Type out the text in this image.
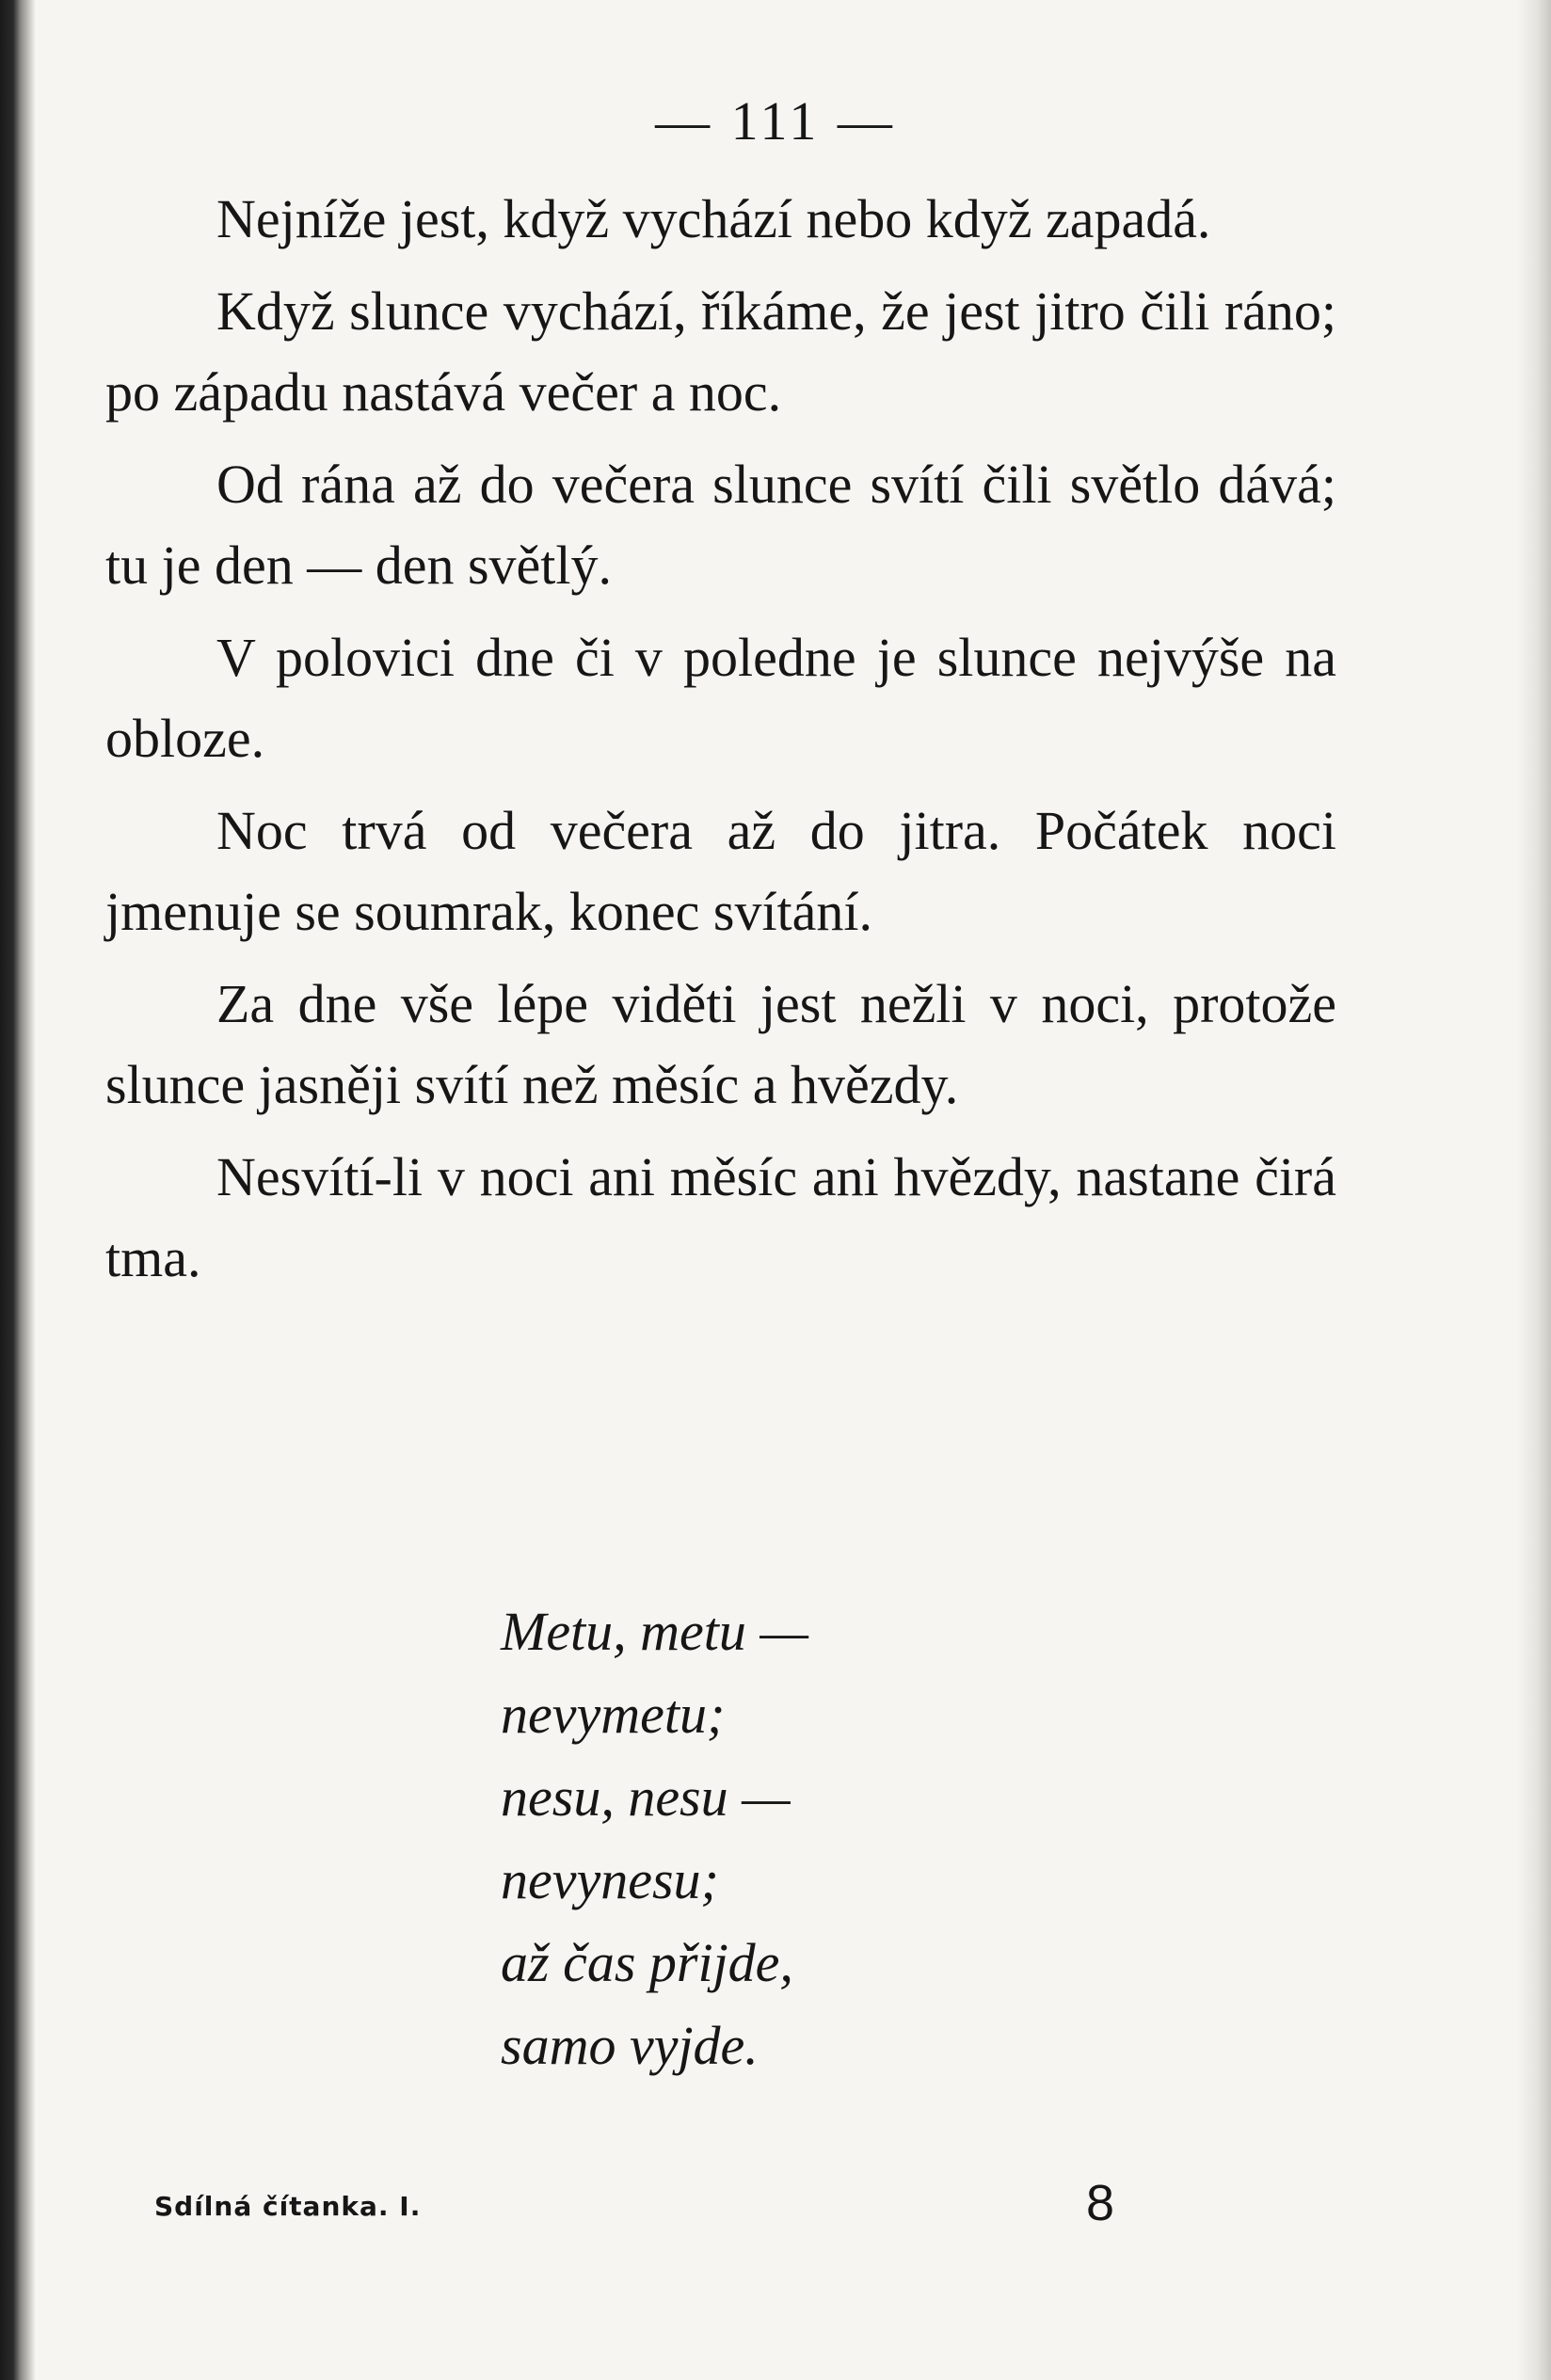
— 111 —

Nejníže jest, když vychází nebo když zapadá.

Když slunce vychází, říkáme, že jest jitro čili ráno; po západu nastává večer a noc.

Od rána až do večera slunce svítí čili světlo dává; tu je den — den světlý.

V polovici dne či v poledne je slunce nejvýše na obloze.

Noc trvá od večera až do jitra. Počátek noci jmenuje se soumrak, konec svítání.

Za dne vše lépe viděti jest nežli v noci, protože slunce jasněji svítí než měsíc a hvězdy.

Nesvítí-li v noci ani měsíc ani hvězdy, nastane čirá tma.

Metu, metu —
nevymetu;
nesu, nesu —
nevynesu;
až čas přijde,
samo vyjde.
Sdílná čítanka. I.	8
